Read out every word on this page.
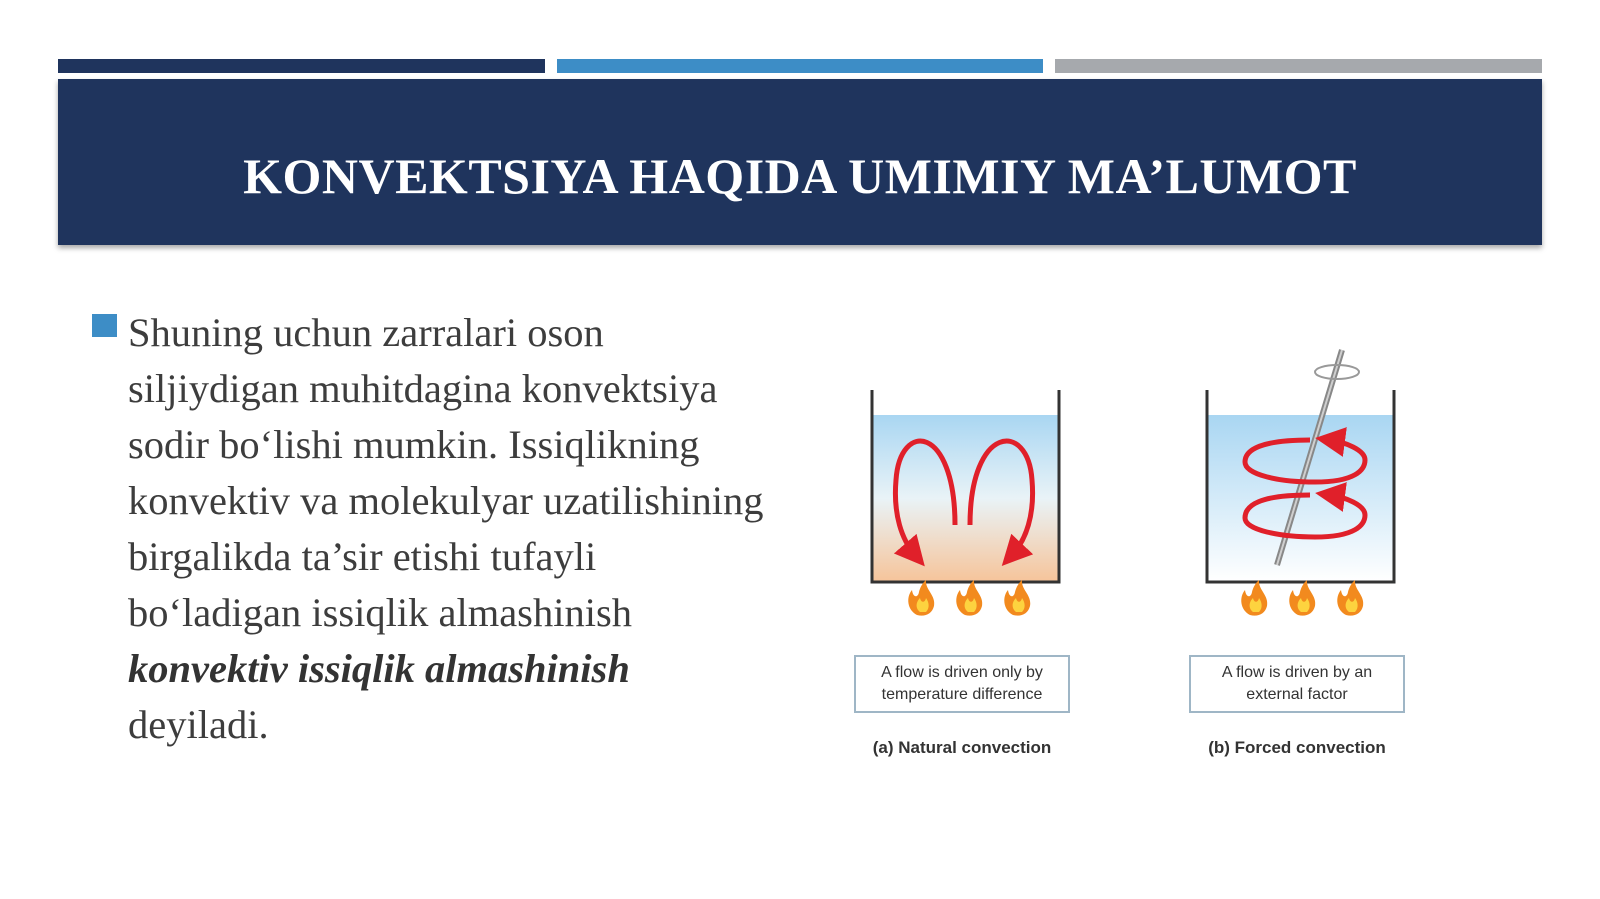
KONVEKTSIYA HAQIDA UMIMIY MA’LUMOT
Shuning uchun zarralari oson siljiydigan muhitdagina konvektsiya sodir bo‘lishi mumkin. Issiqlikning konvektiv va molekulyar uzatilishining birgalikda ta’sir etishi tufayli bo‘ladigan issiqlik almashinish konvektiv issiqlik almashinish deyiladi.
A flow is driven only by temperature difference
A flow is driven by an external factor
(a) Natural convection	(b) Forced convection
